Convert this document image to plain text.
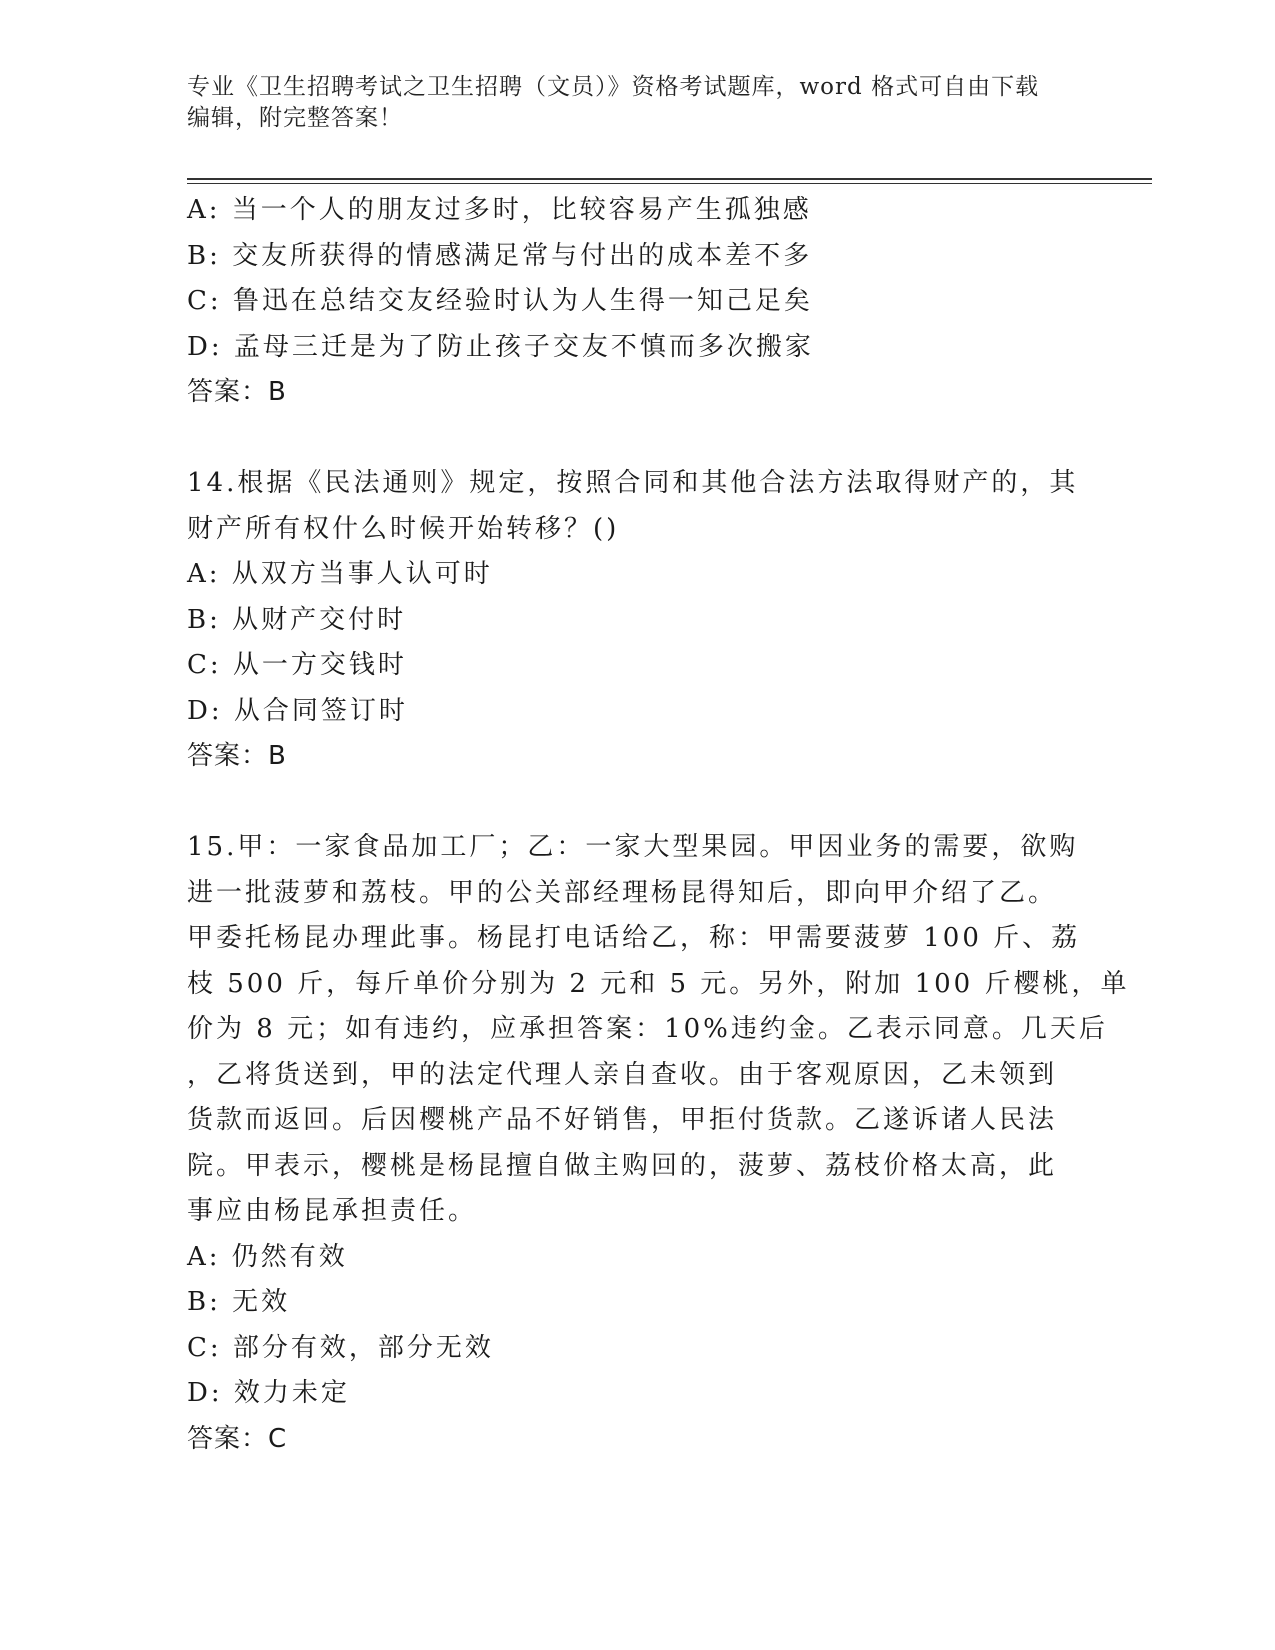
专业《卫生招聘考试之卫生招聘（文员）》资格考试题库，word 格式可自由下载
编辑，附完整答案！
A: 当一个人的朋友过多时，比较容易产生孤独感
B: 交友所获得的情感满足常与付出的成本差不多
C: 鲁迅在总结交友经验时认为人生得一知己足矣
D: 孟母三迁是为了防止孩子交友不慎而多次搬家
答案：B
14.根据《民法通则》规定，按照合同和其他合法方法取得财产的，其
财产所有权什么时候开始转移？()
A: 从双方当事人认可时
B: 从财产交付时
C: 从一方交钱时
D: 从合同签订时
答案：B
15.甲：一家食品加工厂；乙：一家大型果园。甲因业务的需要，欲购
进一批菠萝和荔枝。甲的公关部经理杨昆得知后，即向甲介绍了乙。
甲委托杨昆办理此事。杨昆打电话给乙，称：甲需要菠萝 100 斤、荔
枝 500 斤，每斤单价分别为 2 元和 5 元。另外，附加 100 斤樱桃，单
价为 8 元；如有违约，应承担答案：10%违约金。乙表示同意。几天后
，乙将货送到，甲的法定代理人亲自查收。由于客观原因，乙未领到
货款而返回。后因樱桃产品不好销售，甲拒付货款。乙遂诉诸人民法
院。甲表示，樱桃是杨昆擅自做主购回的，菠萝、荔枝价格太高，此
事应由杨昆承担责任。
A: 仍然有效
B: 无效
C: 部分有效，部分无效
D: 效力未定
答案：C
